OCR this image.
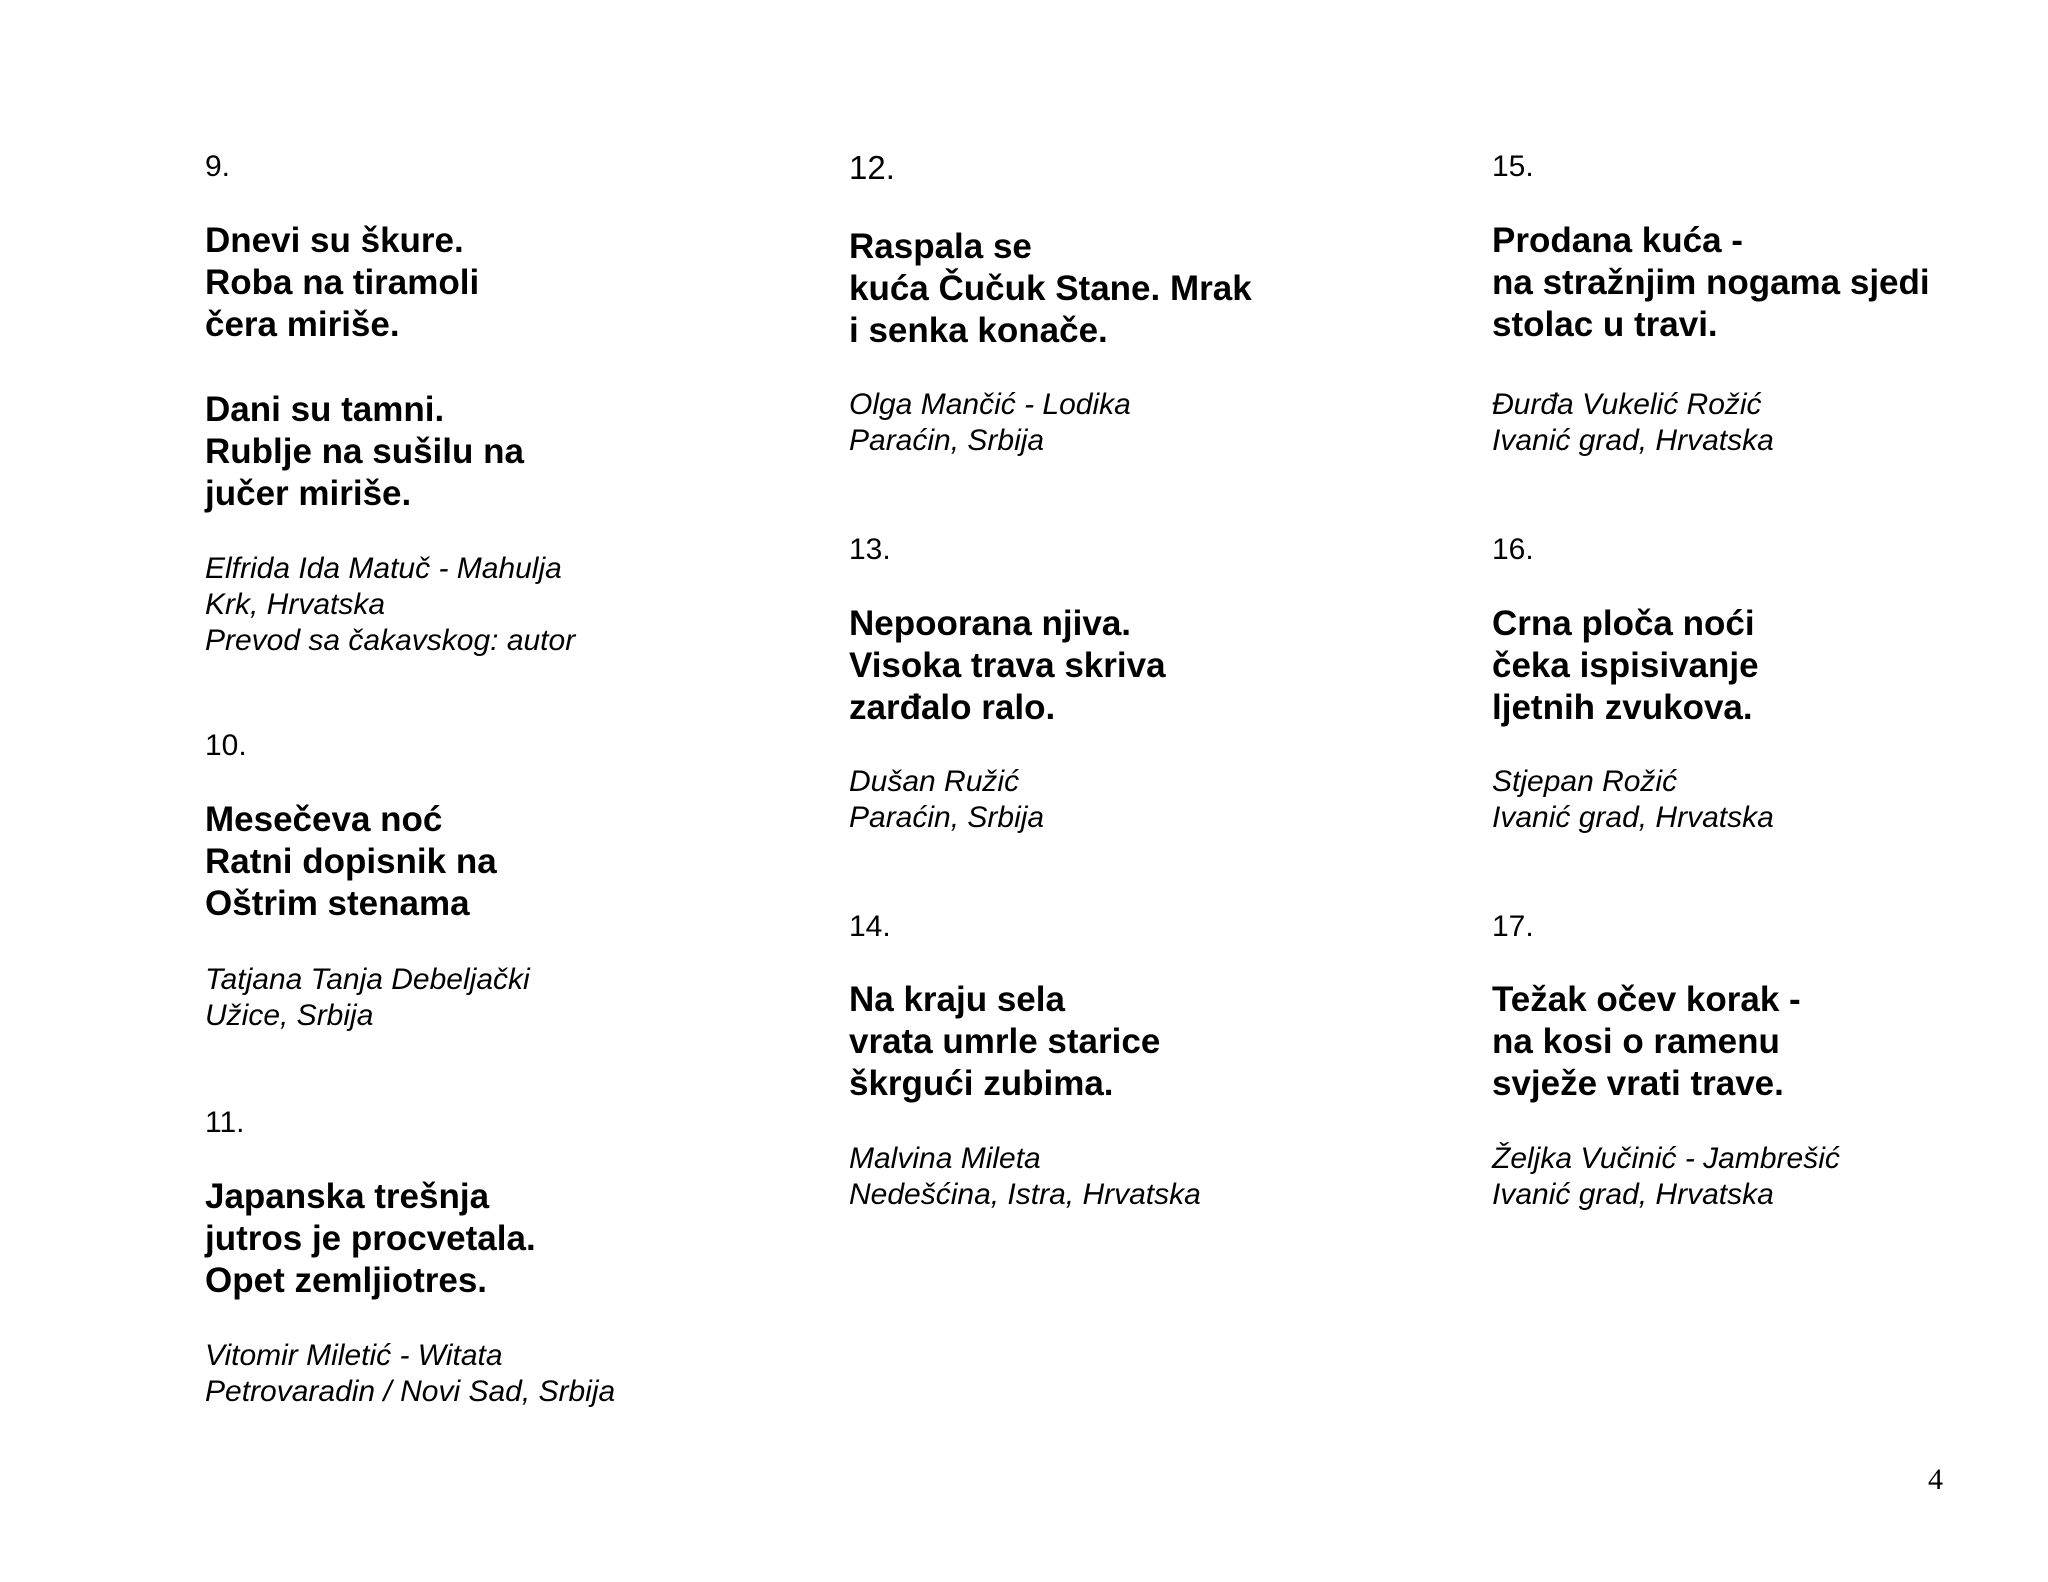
9.
Dnevi su škure.
Roba na tiramoli
čera miriše.
Dani su tamni.
Rublje na sušilu na
jučer miriše.
Elfrida Ida Matuč - Mahulja
Krk, Hrvatska
Prevod sa čakavskog: autor
10.
Mesečeva noć
Ratni dopisnik na
Oštrim stenama
Tatjana Tanja Debeljački
Užice, Srbija
11.
Japanska trešnja
jutros je procvetala.
Opet zemljiotres.
Vitomir Miletić - Witata
Petrovaradin / Novi Sad, Srbija
12.
Raspala se
kuća Čučuk Stane. Mrak
i senka konače.
Olga Mančić - Lodika
Paraćin, Srbija
13.
Nepoorana njiva.
Visoka trava skriva
zarđalo ralo.
Dušan Ružić
Paraćin, Srbija
14.
Na kraju sela
vrata umrle starice
škrgući zubima.
Malvina Mileta
Nedešćina, Istra, Hrvatska
15.
Prodana kuća -
na stražnjim nogama sjedi
stolac u travi.
Đurđa Vukelić Rožić
Ivanić grad, Hrvatska
16.
Crna ploča noći
čeka ispisivanje
ljetnih zvukova.
Stjepan Rožić
Ivanić grad, Hrvatska
17.
Težak očev korak -
na kosi o ramenu
svježe vrati trave.
Željka Vučinić - Jambrešić
Ivanić grad, Hrvatska
4
